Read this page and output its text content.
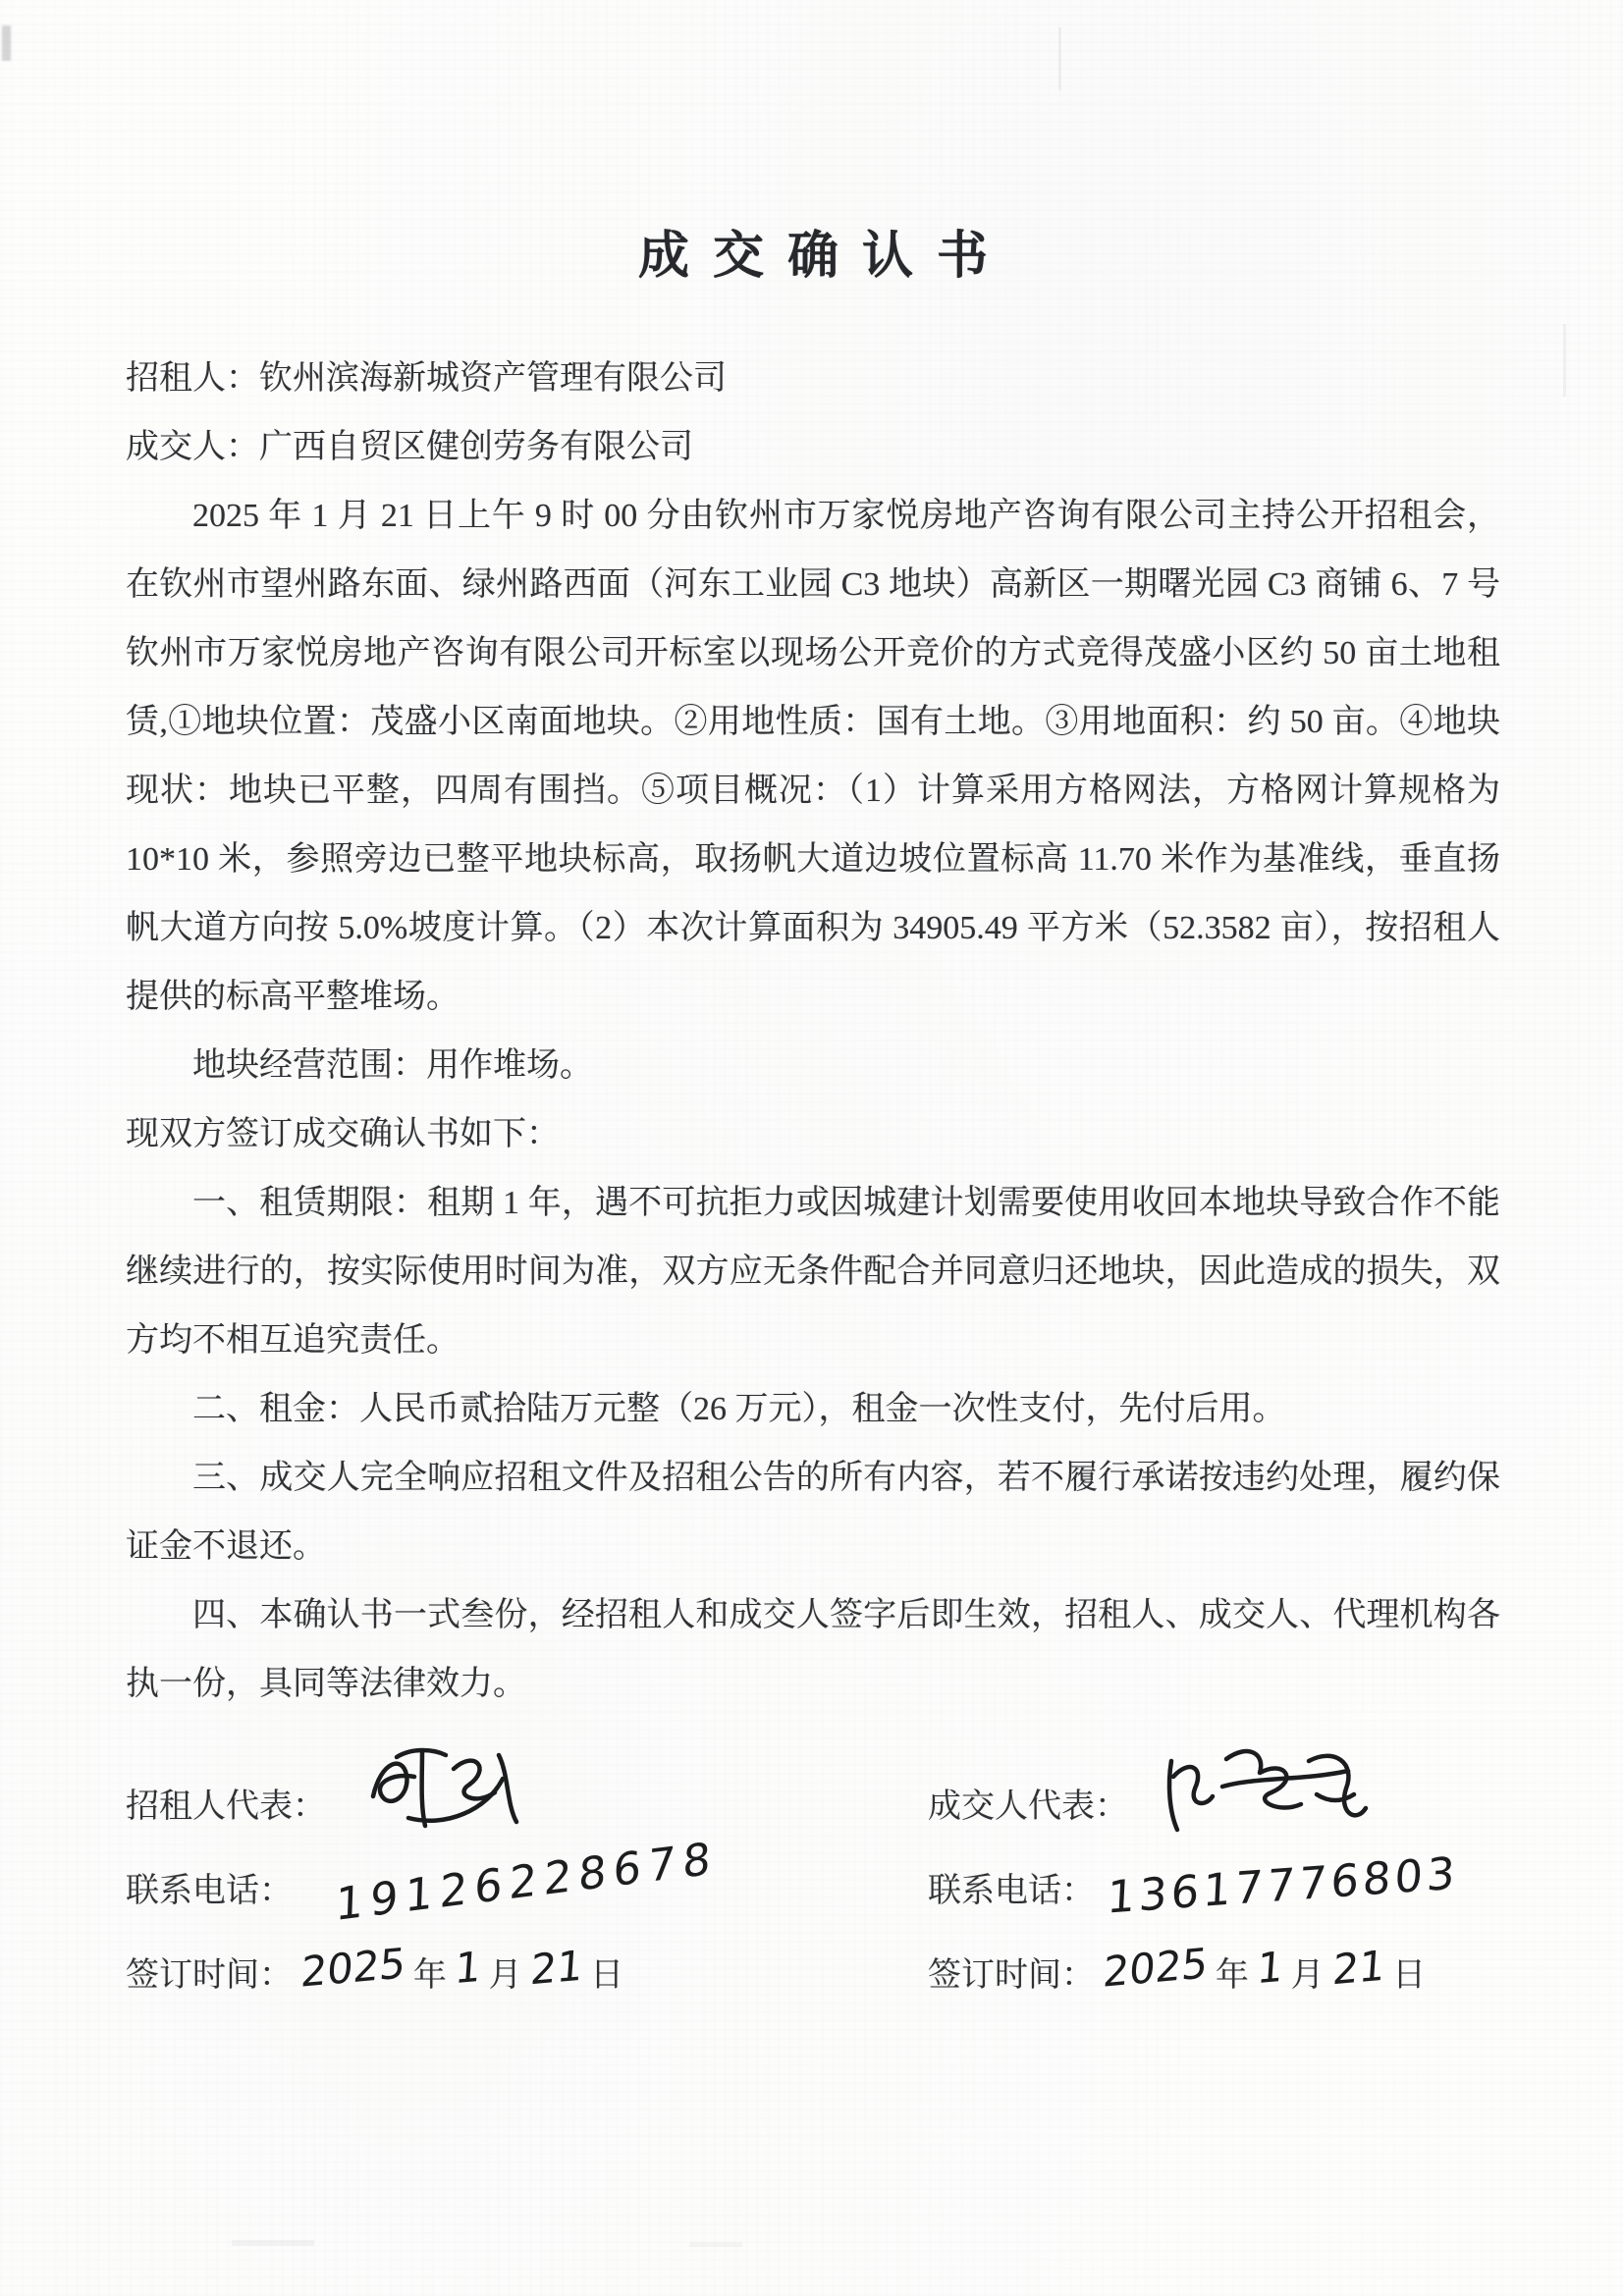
成交确认书

招租人：钦州滨海新城资产管理有限公司

成交人：广西自贸区健创劳务有限公司

2025 年 1 月 21 日上午 9 时 00 分由钦州市万家悦房地产咨询有限公司主持公开招租会，在钦州市望州路东面、绿州路西面（河东工业园 C3 地块）高新区一期曙光园 C3 商铺 6、7 号钦州市万家悦房地产咨询有限公司开标室以现场公开竞价的方式竞得茂盛小区约 50 亩土地租赁,①地块位置：茂盛小区南面地块。②用地性质：国有土地。③用地面积：约 50 亩。④地块现状：地块已平整，四周有围挡。⑤项目概况：（1）计算采用方格网法，方格网计算规格为 10*10 米，参照旁边已整平地块标高，取扬帆大道边坡位置标高 11.70 米作为基准线，垂直扬帆大道方向按 5.0%坡度计算。（2）本次计算面积为 34905.49 平方米（52.3582 亩），按招租人提供的标高平整堆场。

地块经营范围：用作堆场。

现双方签订成交确认书如下：

一、租赁期限：租期 1 年，遇不可抗拒力或因城建计划需要使用收回本地块导致合作不能继续进行的，按实际使用时间为准，双方应无条件配合并同意归还地块，因此造成的损失，双方均不相互追究责任。

二、租金：人民币贰拾陆万元整（26 万元），租金一次性支付，先付后用。

三、成交人完全响应招租文件及招租公告的所有内容，若不履行承诺按违约处理，履约保证金不退还。

四、本确认书一式叁份，经招租人和成交人签字后即生效，招租人、成交人、代理机构各执一份，具同等法律效力。

招租人代表：
联系电话： 19126228678
签订时间： 2025 年 1 月 21 日
成交人代表：
联系电话： 13617776803
签订时间： 2025 年 1 月 21 日
